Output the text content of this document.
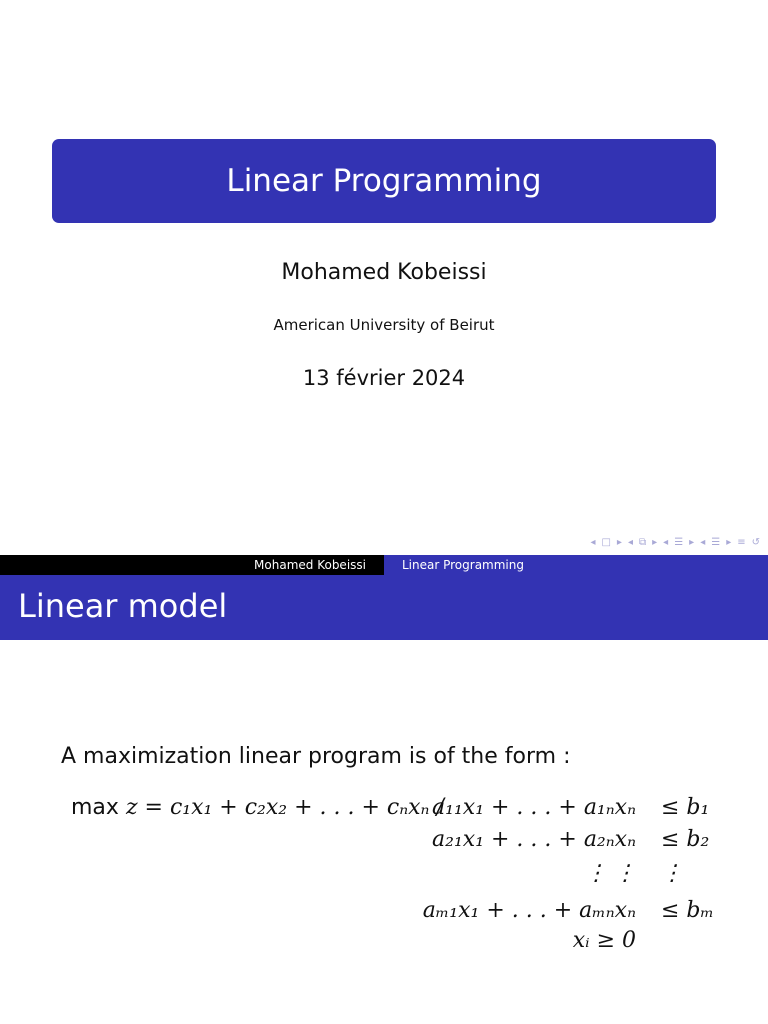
Linear Programming
Mohamed Kobeissi
American University of Beirut
13 février 2024
◂ □ ▸ ◂ ⧉ ▸ ◂ ☰ ▸ ◂ ☰ ▸ ≡ ↺
Mohamed Kobeissi	Linear Programming
Linear model
A maximization linear program is of the form :
max z = c₁x₁ + c₂x₂ + . . . + cₙxₙ /
a₁₁x₁ + . . . + a₁ₙxₙ ≤ b₁
a₂₁x₁ + . . . + a₂ₙxₙ ≤ b₂
⋮ ⋮ ⋮
aₘ₁x₁ + . . . + aₘₙxₙ ≤ bₘ
xᵢ ≥ 0
